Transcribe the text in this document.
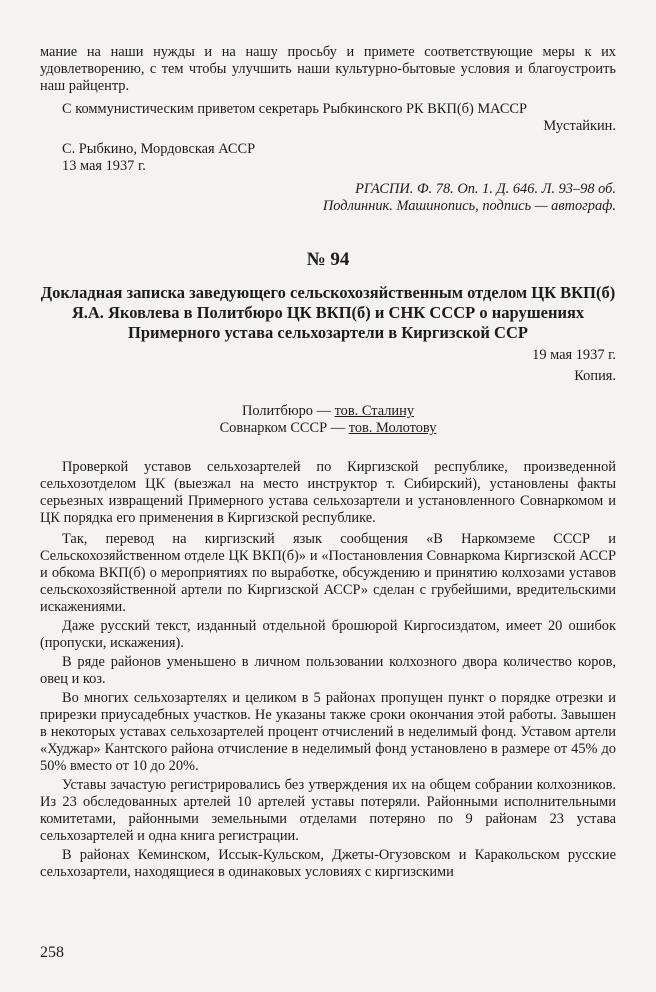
мание на наши нужды и на нашу просьбу и примете соответствующие меры к их удовлетворению, с тем чтобы улучшить наши культурно-бытовые условия и благоустроить наш райцентр.

С коммунистическим приветом секретарь Рыбкинского РК ВКП(б) МАССР

Мустайкин.

С. Рыбкино, Мордовская АССР

13 мая 1937 г.

РГАСПИ. Ф. 78. Оп. 1. Д. 646. Л. 93–98 об.

Подлинник. Машинопись, подпись — автограф.

№ 94

Докладная записка заведующего сельскохозяйственным отделом ЦК ВКП(б) Я.А. Яковлева в Политбюро ЦК ВКП(б) и СНК СССР о нарушениях Примерного устава сельхозартели в Киргизской ССР

19 мая 1937 г.

Копия.

Политбюро — тов. Сталину
Совнарком СССР — тов. Молотову

Проверкой уставов сельхозартелей по Киргизской республике, произведенной сельхозотделом ЦК (выезжал на место инструктор т. Сибирский), установлены факты серьезных извращений Примерного устава сельхозартели и установленного Совнаркомом и ЦК порядка его применения в Киргизской республике.

Так, перевод на киргизский язык сообщения «В Наркомземе СССР и Сельскохозяйственном отделе ЦК ВКП(б)» и «Постановления Совнаркома Киргизской АССР и обкома ВКП(б) о мероприятиях по выработке, обсуждению и принятию колхозами уставов сельскохозяйственной артели по Киргизской АССР» сделан с грубейшими, вредительскими искажениями.

Даже русский текст, изданный отдельной брошюрой Киргосиздатом, имеет 20 ошибок (пропуски, искажения).

В ряде районов уменьшено в личном пользовании колхозного двора количество коров, овец и коз.

Во многих сельхозартелях и целиком в 5 районах пропущен пункт о порядке отрезки и прирезки приусадебных участков. Не указаны также сроки окончания этой работы. Завышен в некоторых уставах сельхозартелей процент отчислений в неделимый фонд. Уставом артели «Худжар» Кантского района отчисление в неделимый фонд установлено в размере от 45% до 50% вместо от 10 до 20%.

Уставы зачастую регистрировались без утверждения их на общем собрании колхозников. Из 23 обследованных артелей 10 артелей уставы потеряли. Районными исполнительными комитетами, районными земельными отделами потеряно по 9 районам 23 устава сельхозартелей и одна книга регистрации.

В районах Кеминском, Иссык-Кульском, Джеты-Огузовском и Каракольском русские сельхозартели, находящиеся в одинаковых условиях с киргизскими

258
